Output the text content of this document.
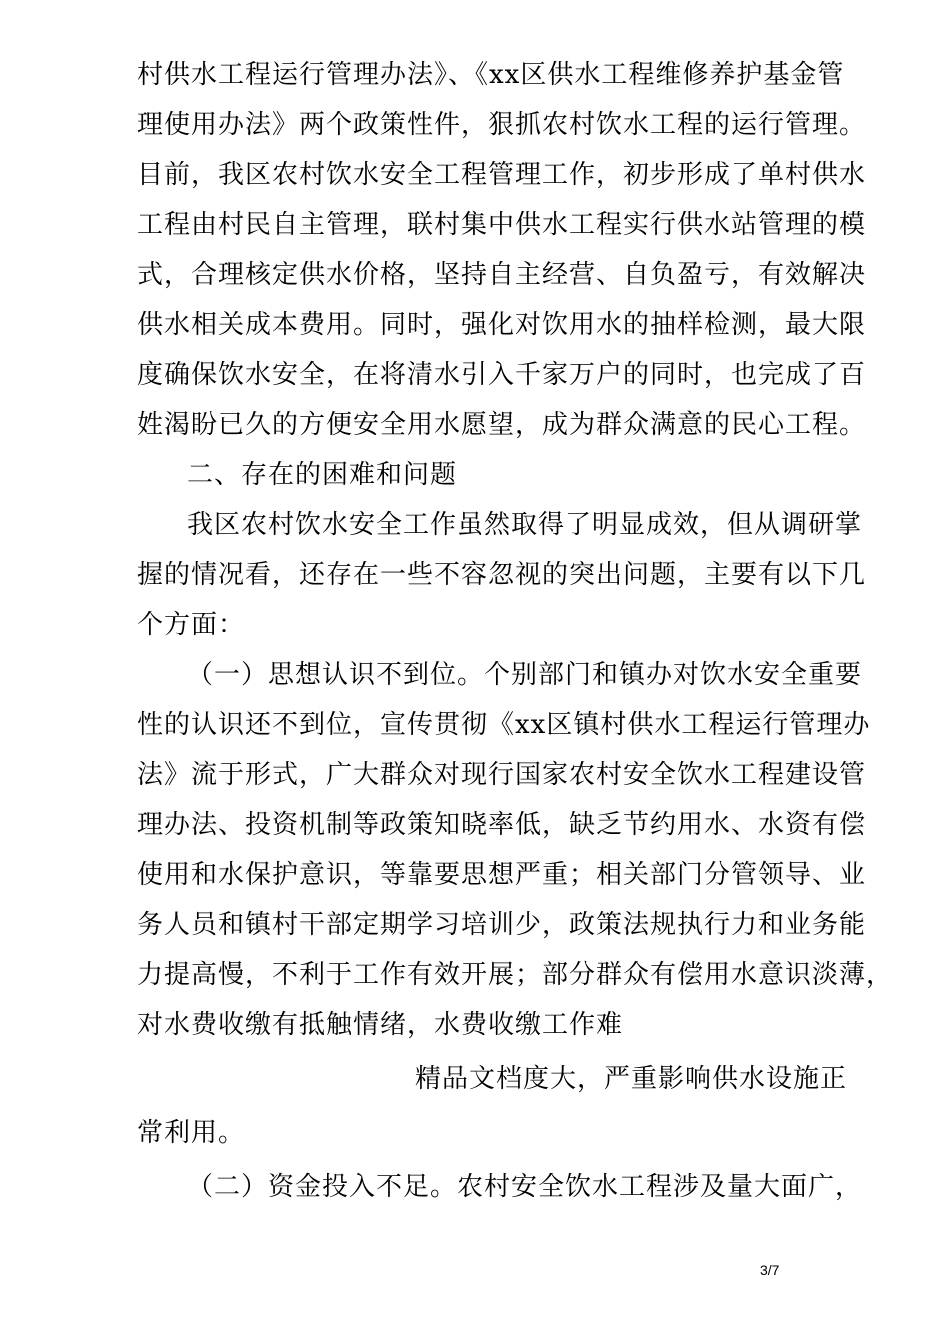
村供水工程运行管理办法》、《xx区供水工程维修养护基金管
理使用办法》两个政策性件，狠抓农村饮水工程的运行管理。
目前，我区农村饮水安全工程管理工作，初步形成了单村供水
工程由村民自主管理，联村集中供水工程实行供水站管理的模
式，合理核定供水价格，坚持自主经营、自负盈亏，有效解决
供水相关成本费用。同时，强化对饮用水的抽样检测，最大限
度确保饮水安全，在将清水引入千家万户的同时，也完成了百
姓渴盼已久的方便安全用水愿望，成为群众满意的民心工程。
二、存在的困难和问题
我区农村饮水安全工作虽然取得了明显成效，但从调研掌
握的情况看，还存在一些不容忽视的突出问题，主要有以下几
个方面：
（一）思想认识不到位。个别部门和镇办对饮水安全重要
性的认识还不到位，宣传贯彻《xx区镇村供水工程运行管理办
法》流于形式，广大群众对现行国家农村安全饮水工程建设管
理办法、投资机制等政策知晓率低，缺乏节约用水、水资有偿
使用和水保护意识，等靠要思想严重；相关部门分管领导、业
务人员和镇村干部定期学习培训少，政策法规执行力和业务能
力提高慢，不利于工作有效开展；部分群众有偿用水意识淡薄，
对水费收缴有抵触情绪，水费收缴工作难
精品文档度大，严重影响供水设施正
常利用。
（二）资金投入不足。农村安全饮水工程涉及量大面广，
3/7
